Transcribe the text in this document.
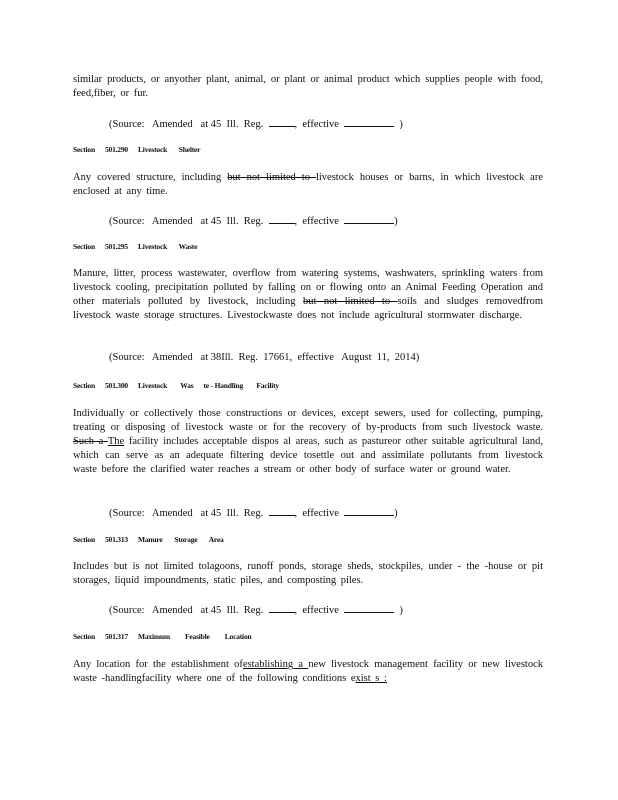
similar products, or anyother plant, animal, or plant or animal product which supplies people with food, feed,fiber, or fur.
(Source:   Amended   at 45  Ill.  Reg.  ,  effective	)
Section      501.290      Livestock       Shelter
Any covered structure, including but not limited to livestock houses or barns, in which livestock are enclosed at any time.
(Source:   Amended   at 45  Ill.  Reg.  ,  effective	)
Section      501.295      Livestock       Waste
Manure, litter, process wastewater, overflow from watering systems, washwaters, sprinkling waters from livestock cooling, precipitation polluted by falling on or flowing onto an Animal Feeding Operation and other materials polluted by livestock, including but not limited to soils and sludges removedfrom livestock waste storage structures. Livestockwaste does not include agricultural stormwater discharge.
(Source:   Amended   at 38Ill.  Reg.  17661,  effective   August  11,  2014)
Section      501.300      Livestock        Was      te - Handling        Facility
Individually or collectively those constructions or devices, except sewers, used for collecting, pumping, treating or disposing of livestock waste or for the recovery of by-products from such livestock waste. Such a The facility includes acceptable dispos al areas, such as pastureor other suitable agricultural land, which can serve as an adequate filtering device tosettle out and assimilate pollutants from livestock waste before the clarified water reaches a stream or other body of surface water or ground water.
(Source:   Amended   at 45  Ill.  Reg.  ,  effective	)
Section      501.313      Manure       Storage       Area
Includes but is not limited tolagoons, runoff ponds, storage sheds, stockpiles, under - the -house or pit storages, liquid impoundments, static piles, and composting piles.
(Source:   Amended   at 45  Ill.  Reg.  ,  effective	)
Section      501.317      Maximum         Feasible         Location
Any location for the establishment ofestablishing a new livestock management facility or new livestock waste -handlingfacility where one of the following conditions exist s :
